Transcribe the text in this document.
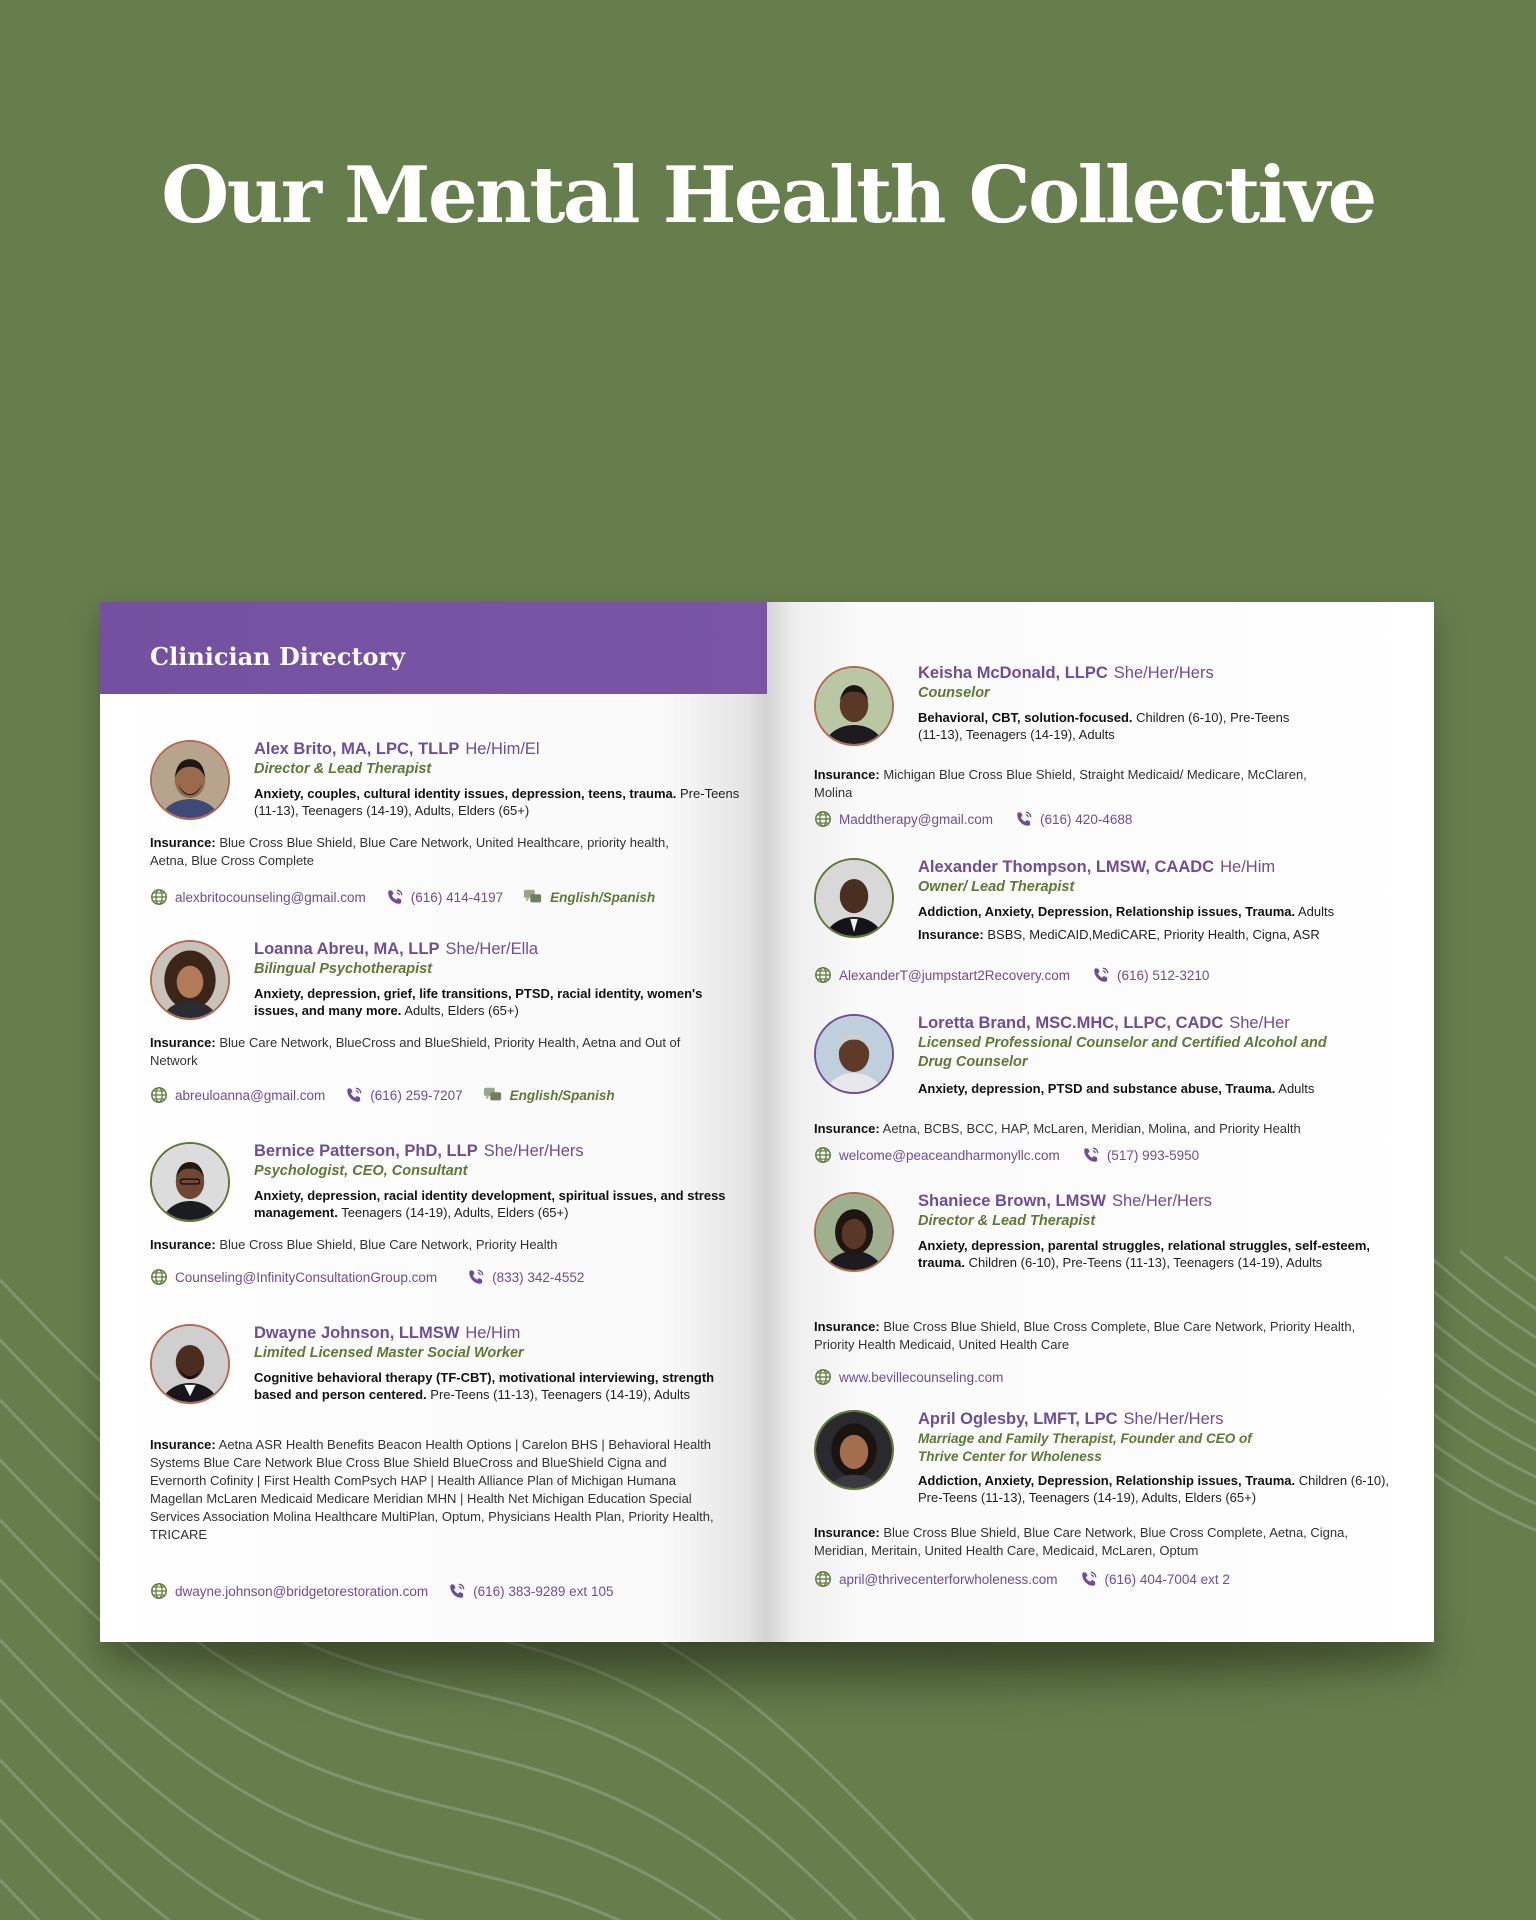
Our Mental Health Collective
Clinician Directory
Alex Brito, MA, LPC, TLLP He/Him/El
Director & Lead Therapist
Anxiety, couples, cultural identity issues, depression, teens, trauma. Pre-Teens (11-13), Teenagers (14-19), Adults, Elders (65+)
Insurance: Blue Cross Blue Shield, Blue Care Network, United Healthcare, priority health, Aetna, Blue Cross Complete
alexbritocounseling@gmail.com	(616) 414-4197	English/Spanish
Loanna Abreu, MA, LLP She/Her/Ella
Bilingual Psychotherapist
Anxiety, depression, grief, life transitions, PTSD, racial identity, women's issues, and many more. Adults, Elders (65+)
Insurance: Blue Care Network, BlueCross and BlueShield, Priority Health, Aetna and Out of Network
abreuloanna@gmail.com	(616) 259-7207	English/Spanish
Bernice Patterson, PhD, LLP She/Her/Hers
Psychologist, CEO, Consultant
Anxiety, depression, racial identity development, spiritual issues, and stress management. Teenagers (14-19), Adults, Elders (65+)
Insurance: Blue Cross Blue Shield, Blue Care Network, Priority Health
Counseling@InfinityConsultationGroup.com	(833) 342-4552
Dwayne Johnson, LLMSW He/Him
Limited Licensed Master Social Worker
Cognitive behavioral therapy (TF-CBT), motivational interviewing, strength based and person centered. Pre-Teens (11-13), Teenagers (14-19), Adults
Insurance: Aetna ASR Health Benefits Beacon Health Options | Carelon BHS | Behavioral Health Systems Blue Care Network Blue Cross Blue Shield BlueCross and BlueShield Cigna and Evernorth Cofinity | First Health ComPsych HAP | Health Alliance Plan of Michigan Humana Magellan McLaren Medicaid Medicare Meridian MHN | Health Net Michigan Education Special Services Association Molina Healthcare MultiPlan, Optum, Physicians Health Plan, Priority Health, TRICARE
dwayne.johnson@bridgetorestoration.com	(616) 383-9289 ext 105
Keisha McDonald, LLPC She/Her/Hers
Counselor
Behavioral, CBT, solution-focused. Children (6-10), Pre-Teens (11-13), Teenagers (14-19), Adults
Insurance: Michigan Blue Cross Blue Shield, Straight Medicaid/ Medicare, McClaren, Molina
Maddtherapy@gmail.com	(616) 420-4688
Alexander Thompson, LMSW, CAADC He/Him
Owner/ Lead Therapist
Addiction, Anxiety, Depression, Relationship issues, Trauma. Adults
Insurance: BSBS, MediCAID,MediCARE, Priority Health, Cigna, ASR
AlexanderT@jumpstart2Recovery.com	(616) 512-3210
Loretta Brand, MSC.MHC, LLPC, CADC She/Her
Licensed Professional Counselor and Certified Alcohol and Drug Counselor
Anxiety, depression, PTSD and substance abuse, Trauma. Adults
Insurance: Aetna, BCBS, BCC, HAP, McLaren, Meridian, Molina, and Priority Health
welcome@peaceandharmonyllc.com	(517) 993-5950
Shaniece Brown, LMSW She/Her/Hers
Director & Lead Therapist
Anxiety, depression, parental struggles, relational struggles, self-esteem, trauma. Children (6-10), Pre-Teens (11-13), Teenagers (14-19), Adults
Insurance: Blue Cross Blue Shield, Blue Cross Complete, Blue Care Network, Priority Health, Priority Health Medicaid, United Health Care
www.bevillecounseling.com
April Oglesby, LMFT, LPC She/Her/Hers
Marriage and Family Therapist, Founder and CEO of Thrive Center for Wholeness
Addiction, Anxiety, Depression, Relationship issues, Trauma. Children (6-10), Pre-Teens (11-13), Teenagers (14-19), Adults, Elders (65+)
Insurance: Blue Cross Blue Shield, Blue Care Network, Blue Cross Complete, Aetna, Cigna, Meridian, Meritain, United Health Care, Medicaid, McLaren, Optum
april@thrivecenterforwholeness.com	(616) 404-7004 ext 2
